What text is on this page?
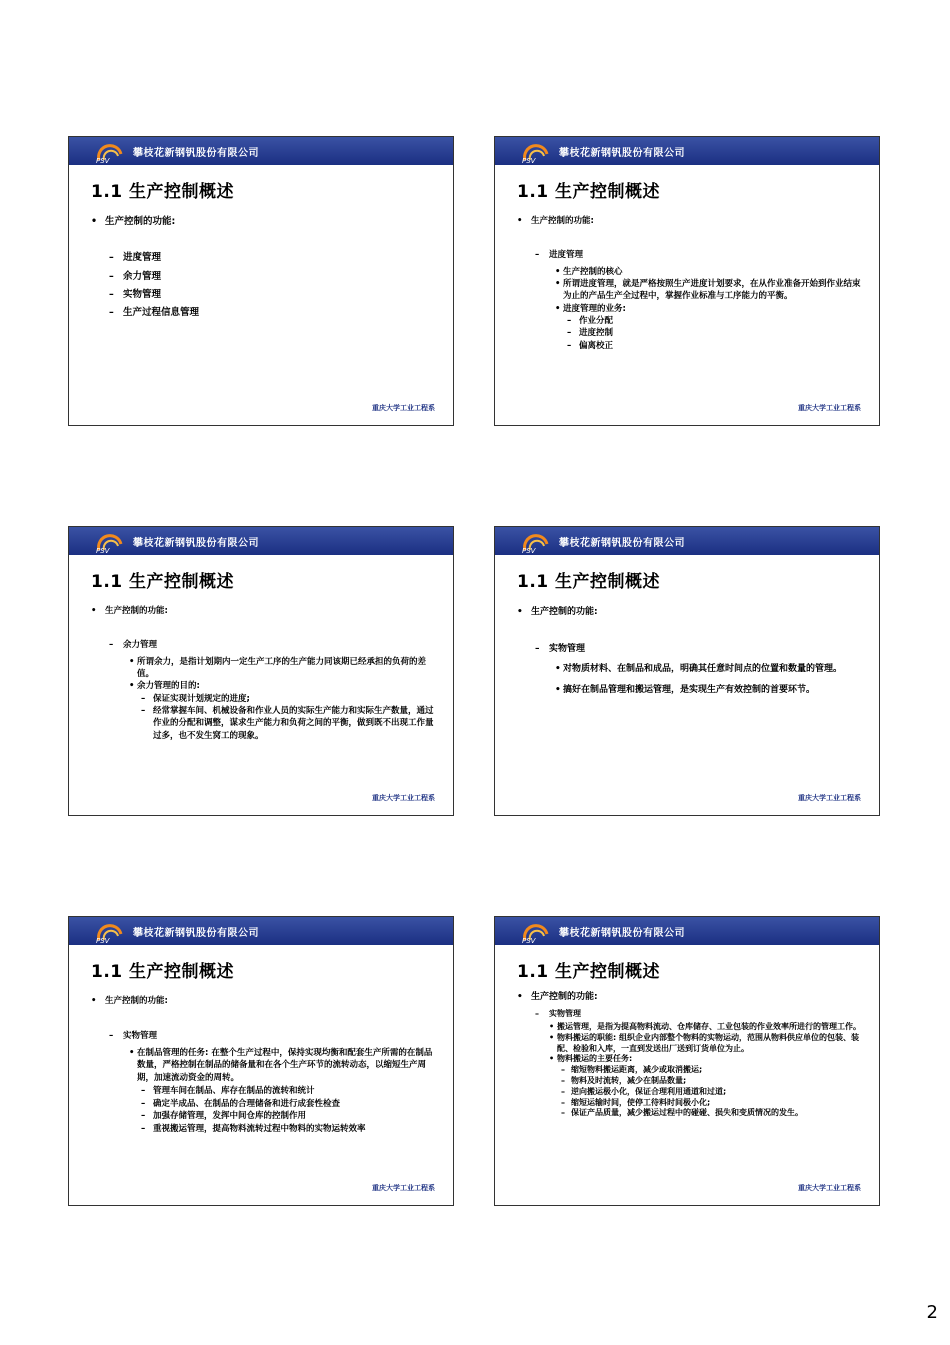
攀枝花新钢钒股份有限公司
1.1 生产控制概述
• 生产控制的功能:
– 进度管理
– 余力管理
– 实物管理
– 生产过程信息管理
重庆大学工业工程系
攀枝花新钢钒股份有限公司
1.1 生产控制概述
• 生产控制的功能:
– 进度管理
• 生产控制的核心
• 所谓进度管理，就是严格按照生产进度计划要求，在从作业准备开始到作业结束为止的产品生产全过程中，掌握作业标准与工序能力的平衡。
• 进度管理的业务:
– 作业分配
– 进度控制
– 偏离校正
重庆大学工业工程系
攀枝花新钢钒股份有限公司
1.1 生产控制概述
• 生产控制的功能:
– 余力管理
• 所谓余力，是指计划期内一定生产工序的生产能力同该期已经承担的负荷的差值。
• 余力管理的目的:
– 保证实现计划规定的进度;
– 经常掌握车间、机械设备和作业人员的实际生产能力和实际生产数量，通过作业的分配和调整，谋求生产能力和负荷之间的平衡，做到既不出现工作量过多，也不发生窝工的现象。
重庆大学工业工程系
攀枝花新钢钒股份有限公司
1.1 生产控制概述
• 生产控制的功能:
– 实物管理
• 对物质材料、在制品和成品，明确其任意时间点的位置和数量的管理。
• 搞好在制品管理和搬运管理，是实现生产有效控制的首要环节。
重庆大学工业工程系
攀枝花新钢钒股份有限公司
1.1 生产控制概述
• 生产控制的功能:
– 实物管理
• 在制品管理的任务: 在整个生产过程中，保持实现均衡和配套生产所需的在制品数量，严格控制在制品的储备量和在各个生产环节的流转动态，以缩短生产周期，加速流动资金的周转。
– 管理车间在制品、库存在制品的流转和统计
– 确定半成品、在制品的合理储备和进行成套性检查
– 加强存储管理，发挥中间仓库的控制作用
– 重视搬运管理，提高物料流转过程中物料的实物运转效率
重庆大学工业工程系
攀枝花新钢钒股份有限公司
1.1 生产控制概述
• 生产控制的功能:
– 实物管理
• 搬运管理，是指为提高物料流动、仓库储存、工业包装的作业效率所进行的管理工作。
• 物料搬运的职能: 组织企业内部整个物料的实物运动，范围从物料供应单位的包装、装配、检验和入库，一直到发送出厂送到订货单位为止。
• 物料搬运的主要任务:
– 缩短物料搬运距离，减少或取消搬运;
– 物料及时流转，减少在制品数量;
– 逆向搬运极小化，保证合理利用通道和过道;
– 缩短运输时间，使停工待料时间极小化;
– 保证产品质量，减少搬运过程中的碰碰、损失和变质情况的发生。
重庆大学工业工程系
2
